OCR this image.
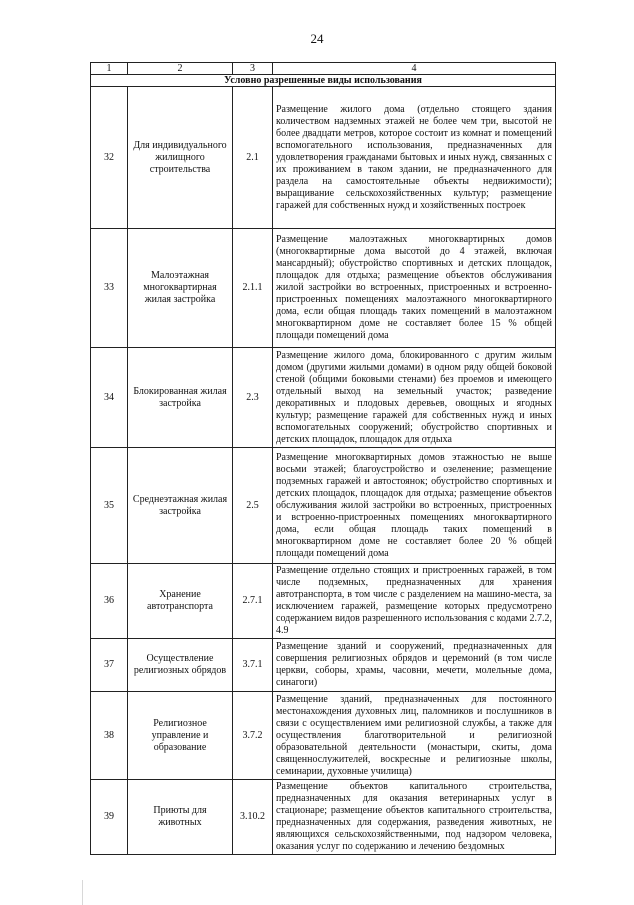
24
1	2	3	4
Условно разрешенные виды использования			
32	Для индивидуального жилищного строительства	2.1	Размещение жилого дома (отдельно стоящего здания количеством надземных этажей не более чем три, высотой не более двадцати метров, которое состоит из комнат и помещений вспомогательного использования, предназначенных для удовлетворения гражданами бытовых и иных нужд, связанных с их проживанием в таком здании, не предназначенного для раздела на самостоятельные объекты недвижимости); выращивание сельскохозяйственных культур; размещение гаражей для собственных нужд и хозяйственных построек
33	Малоэтажная многоквартирная жилая застройка	2.1.1	Размещение малоэтажных многоквартирных домов (многоквартирные дома высотой до 4 этажей, включая мансардный); обустройство спортивных и детских площадок, площадок для отдыха; размещение объектов обслуживания жилой застройки во встроенных, пристроенных и встроенно-пристроенных помещениях малоэтажного многоквартирного дома, если общая площадь таких помещений в малоэтажном многоквартирном доме не составляет более 15 % общей площади помещений дома
34	Блокированная жилая застройка	2.3	Размещение жилого дома, блокированного с другим жилым домом (другими жилыми домами) в одном ряду общей боковой стеной (общими боковыми стенами) без проемов и имеющего отдельный выход на земельный участок; разведение декоративных и плодовых деревьев, овощных и ягодных культур; размещение гаражей для собственных нужд и иных вспомогательных сооружений; обустройство спортивных и детских площадок, площадок для отдыха
35	Среднеэтажная жилая застройка	2.5	Размещение многоквартирных домов этажностью не выше восьми этажей; благоустройство и озеленение; размещение подземных гаражей и автостоянок; обустройство спортивных и детских площадок, площадок для отдыха; размещение объектов обслуживания жилой застройки во встроенных, пристроенных и встроенно-пристроенных помещениях многоквартирного дома, если общая площадь таких помещений в многоквартирном доме не составляет более 20 % общей площади помещений дома
36	Хранение автотранспорта	2.7.1	Размещение отдельно стоящих и пристроенных гаражей, в том числе подземных, предназначенных для хранения автотранспорта, в том числе с разделением на машино-места, за исключением гаражей, размещение которых предусмотрено содержанием видов разрешенного использования с кодами 2.7.2, 4.9
37	Осуществление религиозных обрядов	3.7.1	Размещение зданий и сооружений, предназначенных для совершения религиозных обрядов и церемоний (в том числе церкви, соборы, храмы, часовни, мечети, молельные дома, синагоги)
38	Религиозное управление и образование	3.7.2	Размещение зданий, предназначенных для постоянного местонахождения духовных лиц, паломников и послушников в связи с осуществлением ими религиозной службы, а также для осуществления благотворительной и религиозной образовательной деятельности (монастыри, скиты, дома священнослужителей, воскресные и религиозные школы, семинарии, духовные училища)
39	Приюты для животных	3.10.2	Размещение объектов капитального строительства, предназначенных для оказания ветеринарных услуг в стационаре; размещение объектов капитального строительства, предназначенных для содержания, разведения животных, не являющихся сельскохозяйственными, под надзором человека, оказания услуг по содержанию и лечению бездомных
